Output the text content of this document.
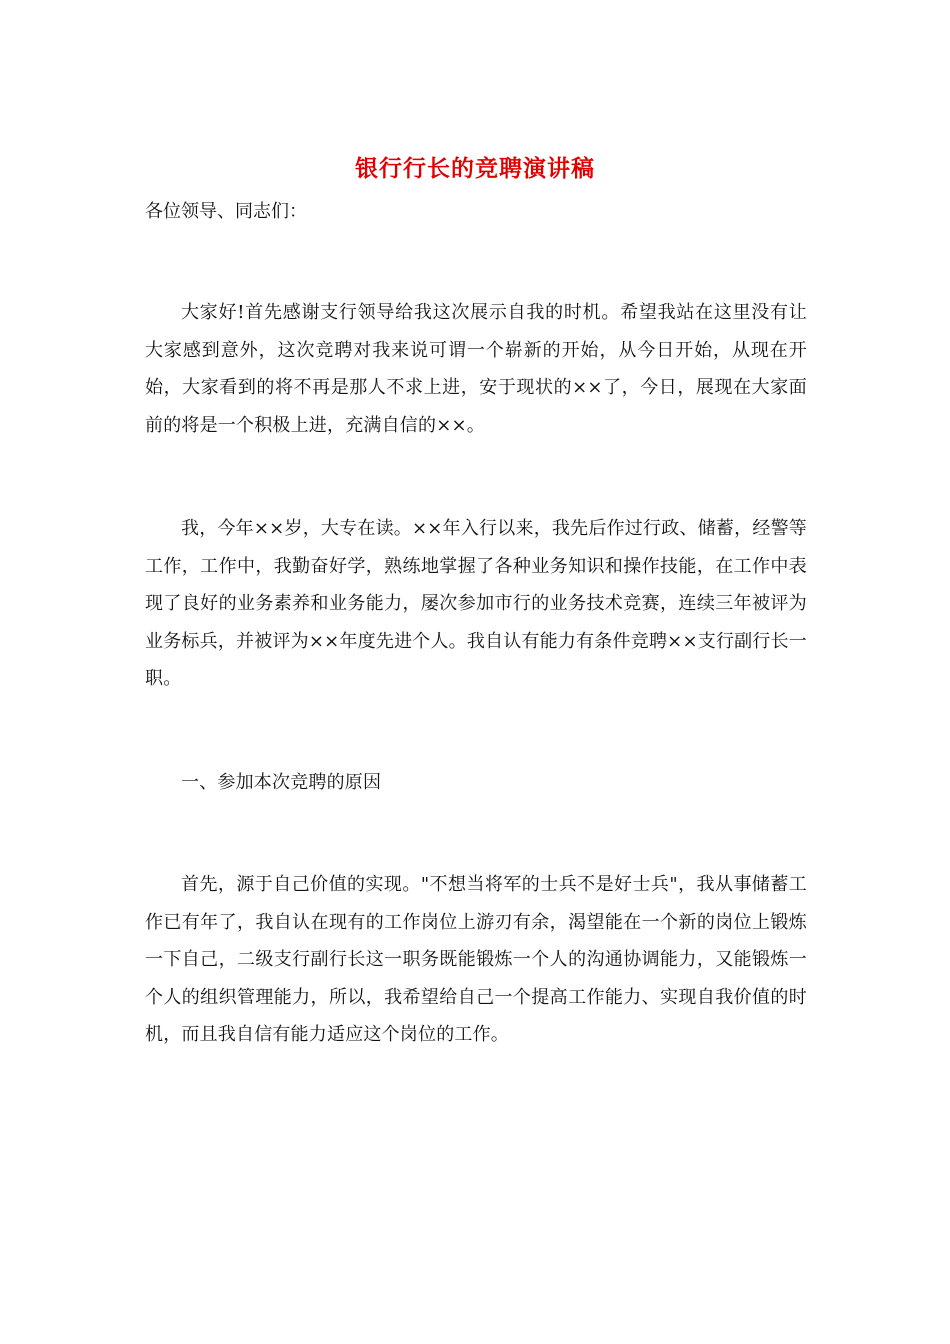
银行行长的竞聘演讲稿

各位领导、同志们：

大家好!首先感谢支行领导给我这次展示自我的时机。希望我站在这里没有让大家感到意外，这次竞聘对我来说可谓一个崭新的开始，从今日开始，从现在开始，大家看到的将不再是那人不求上进，安于现状的××了，今日，展现在大家面前的将是一个积极上进，充满自信的××。

我，今年××岁，大专在读。××年入行以来，我先后作过行政、储蓄，经警等工作，工作中，我勤奋好学，熟练地掌握了各种业务知识和操作技能，在工作中表现了良好的业务素养和业务能力，屡次参加市行的业务技术竞赛，连续三年被评为业务标兵，并被评为××年度先进个人。我自认有能力有条件竞聘××支行副行长一职。

一、参加本次竞聘的原因

首先，源于自己价值的实现。"不想当将军的士兵不是好士兵"，我从事储蓄工作已有年了，我自认在现有的工作岗位上游刃有余，渴望能在一个新的岗位上锻炼一下自己，二级支行副行长这一职务既能锻炼一个人的沟通协调能力，又能锻炼一个人的组织管理能力，所以，我希望给自己一个提高工作能力、实现自我价值的时机，而且我自信有能力适应这个岗位的工作。
